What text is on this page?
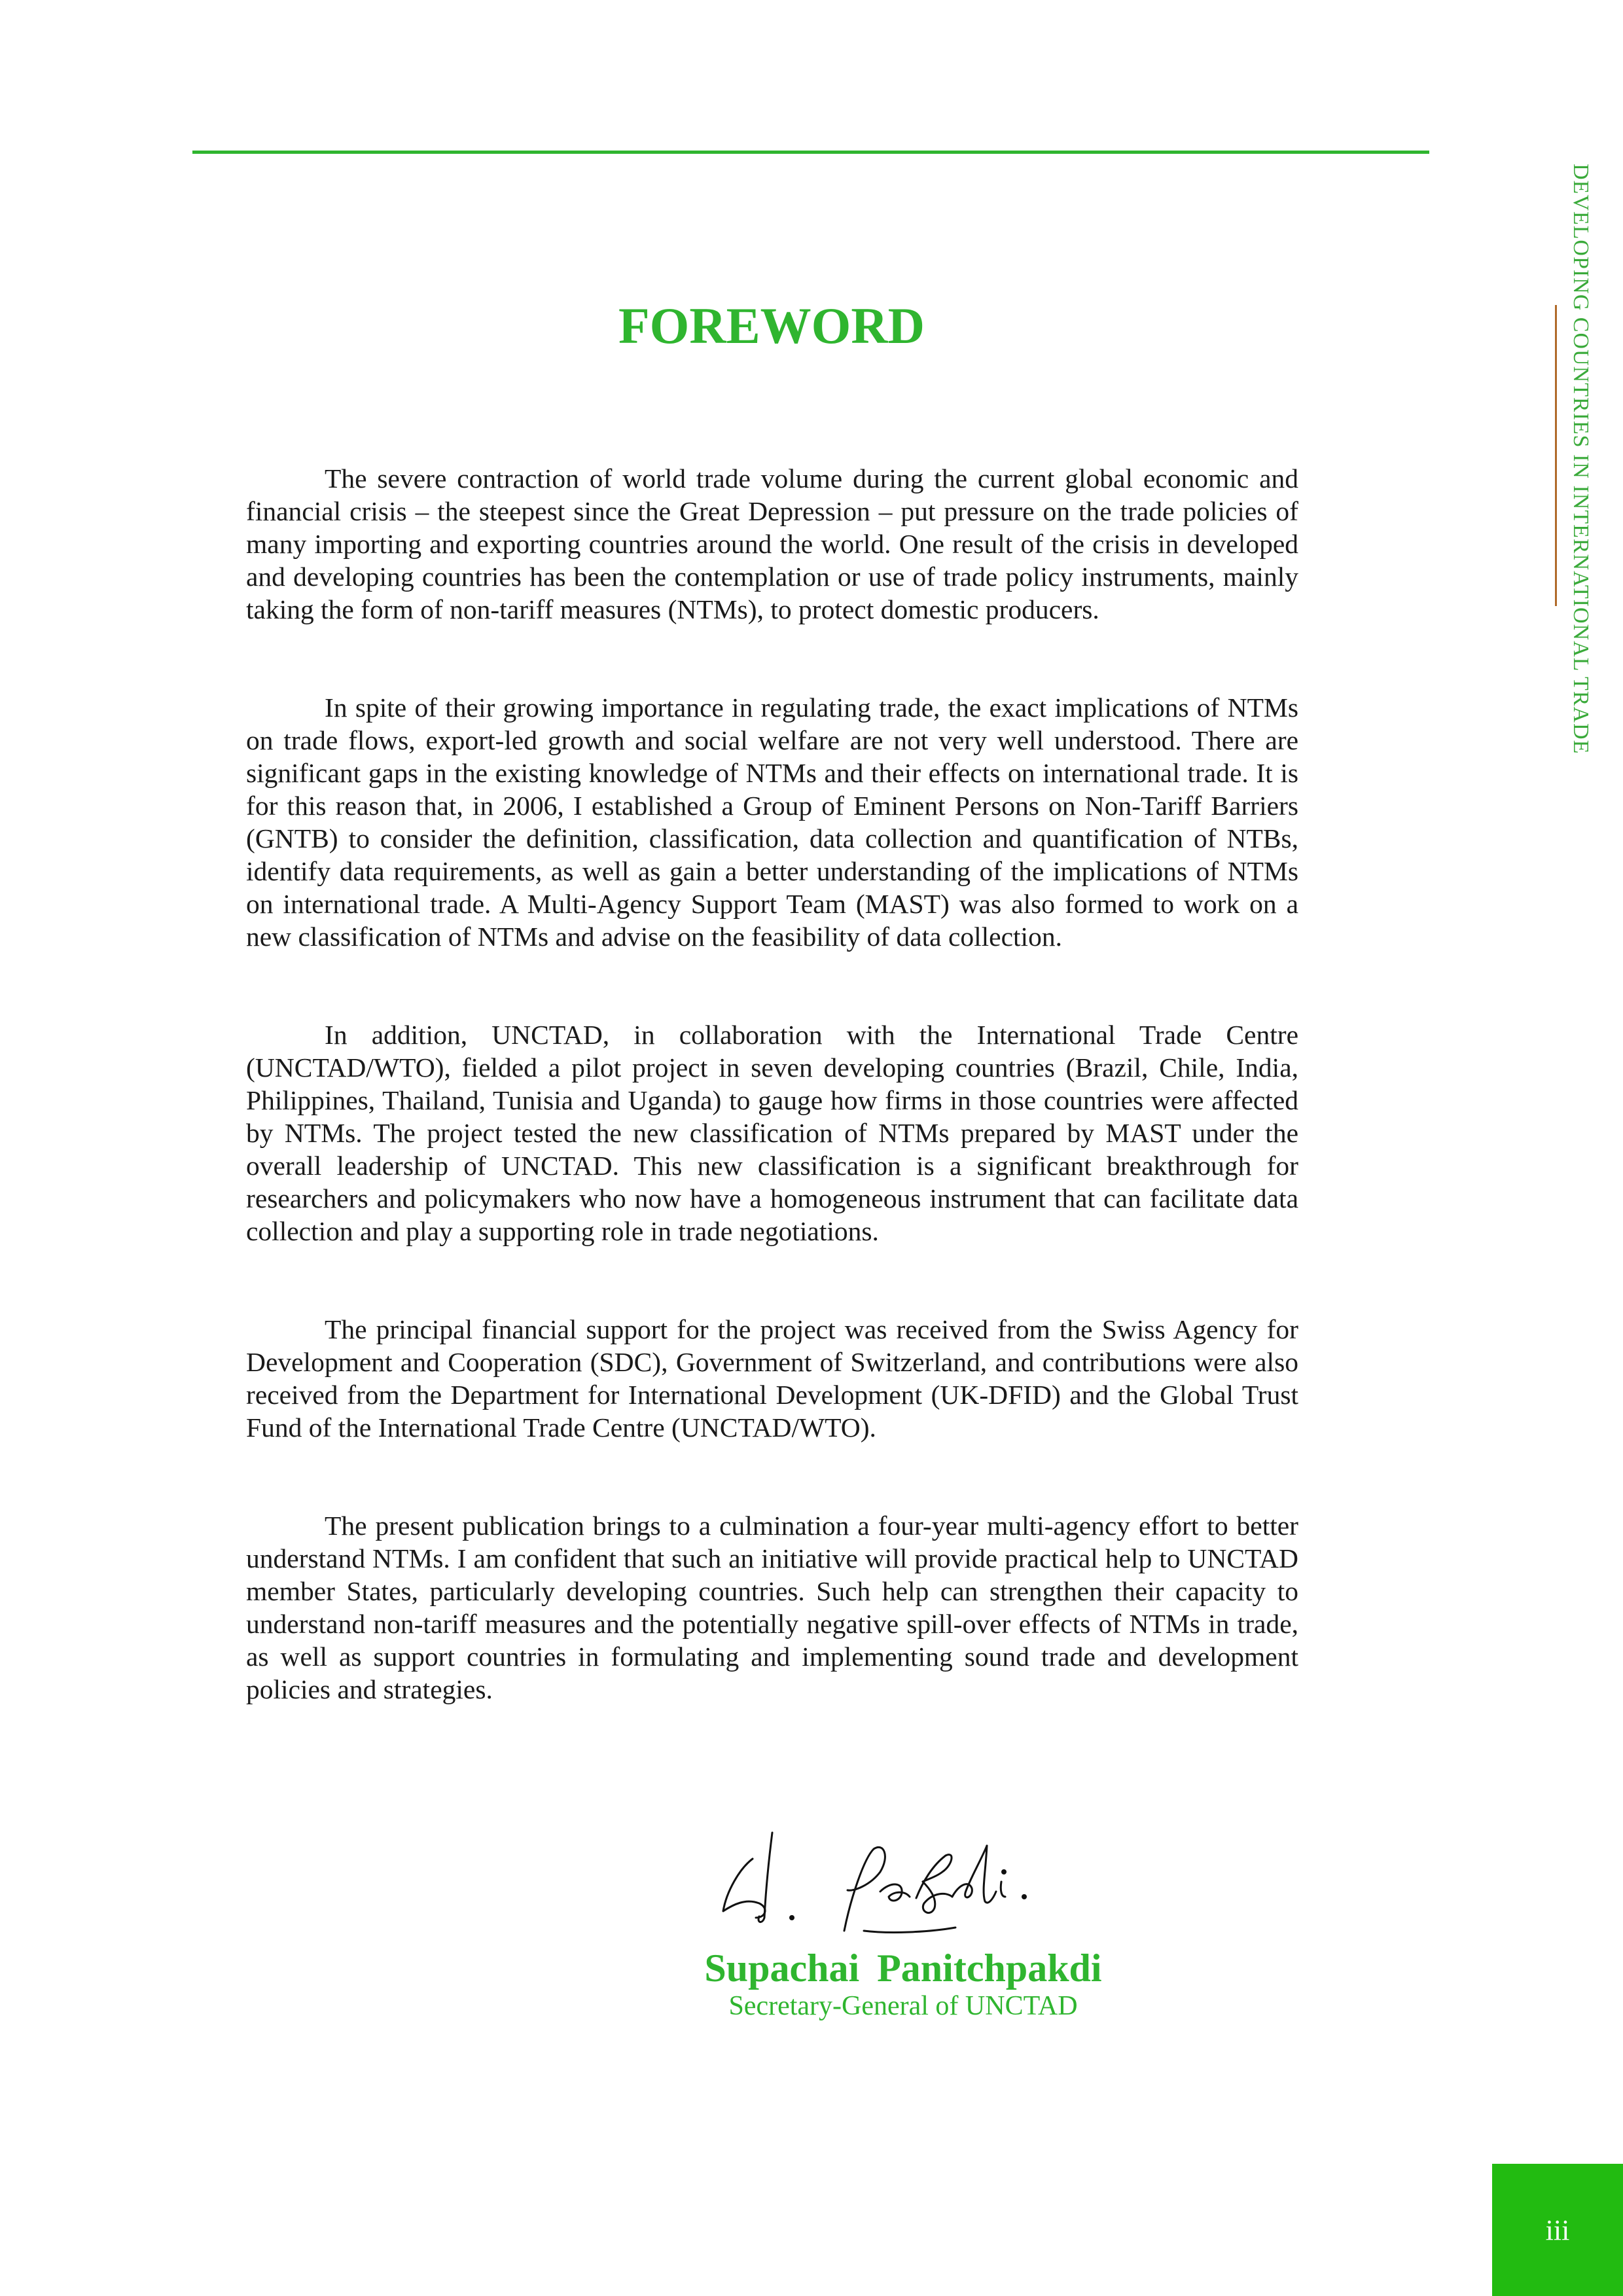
DEVELOPING COUNTRIES IN INTERNATIONAL TRADE
FOREWORD

The severe contraction of world trade volume during the current global economic and financial crisis – the steepest since the Great Depression – put pressure on the trade policies of many importing and exporting countries around the world. One result of the crisis in developed and developing countries has been the contemplation or use of trade policy instruments, mainly taking the form of non-tariff measures (NTMs), to protect domestic producers.

In spite of their growing importance in regulating trade, the exact implications of NTMs on trade flows, export-led growth and social welfare are not very well understood. There are significant gaps in the existing knowledge of NTMs and their effects on international trade. It is for this reason that, in 2006, I established a Group of Eminent Persons on Non-Tariff Barriers (GNTB) to consider the definition, classification, data collection and quantification of NTBs, identify data requirements, as well as gain a better understanding of the implications of NTMs on international trade. A Multi-Agency Support Team (MAST) was also formed to work on a new classification of NTMs and advise on the feasibility of data collection.

In addition, UNCTAD, in collaboration with the International Trade Centre (UNCTAD/WTO), fielded a pilot project in seven developing countries (Brazil, Chile, India, Philippines, Thailand, Tunisia and Uganda) to gauge how firms in those countries were affected by NTMs. The project tested the new classification of NTMs prepared by MAST under the overall leadership of UNCTAD. This new classification is a significant breakthrough for researchers and policymakers who now have a homogeneous instrument that can facilitate data collection and play a supporting role in trade negotiations.

The principal financial support for the project was received from the Swiss Agency for Development and Cooperation (SDC), Government of Switzerland, and contributions were also received from the Department for International Development (UK-DFID) and the Global Trust Fund of the International Trade Centre (UNCTAD/WTO).

The present publication brings to a culmination a four-year multi-agency effort to better understand NTMs. I am confident that such an initiative will provide practical help to UNCTAD member States, particularly developing countries. Such help can strengthen their capacity to understand non-tariff measures and the potentially negative spill-over effects of NTMs in trade, as well as support countries in formulating and implementing sound trade and development policies and strategies.

Supachai Panitchpakdi
Secretary-General of UNCTAD
iii
